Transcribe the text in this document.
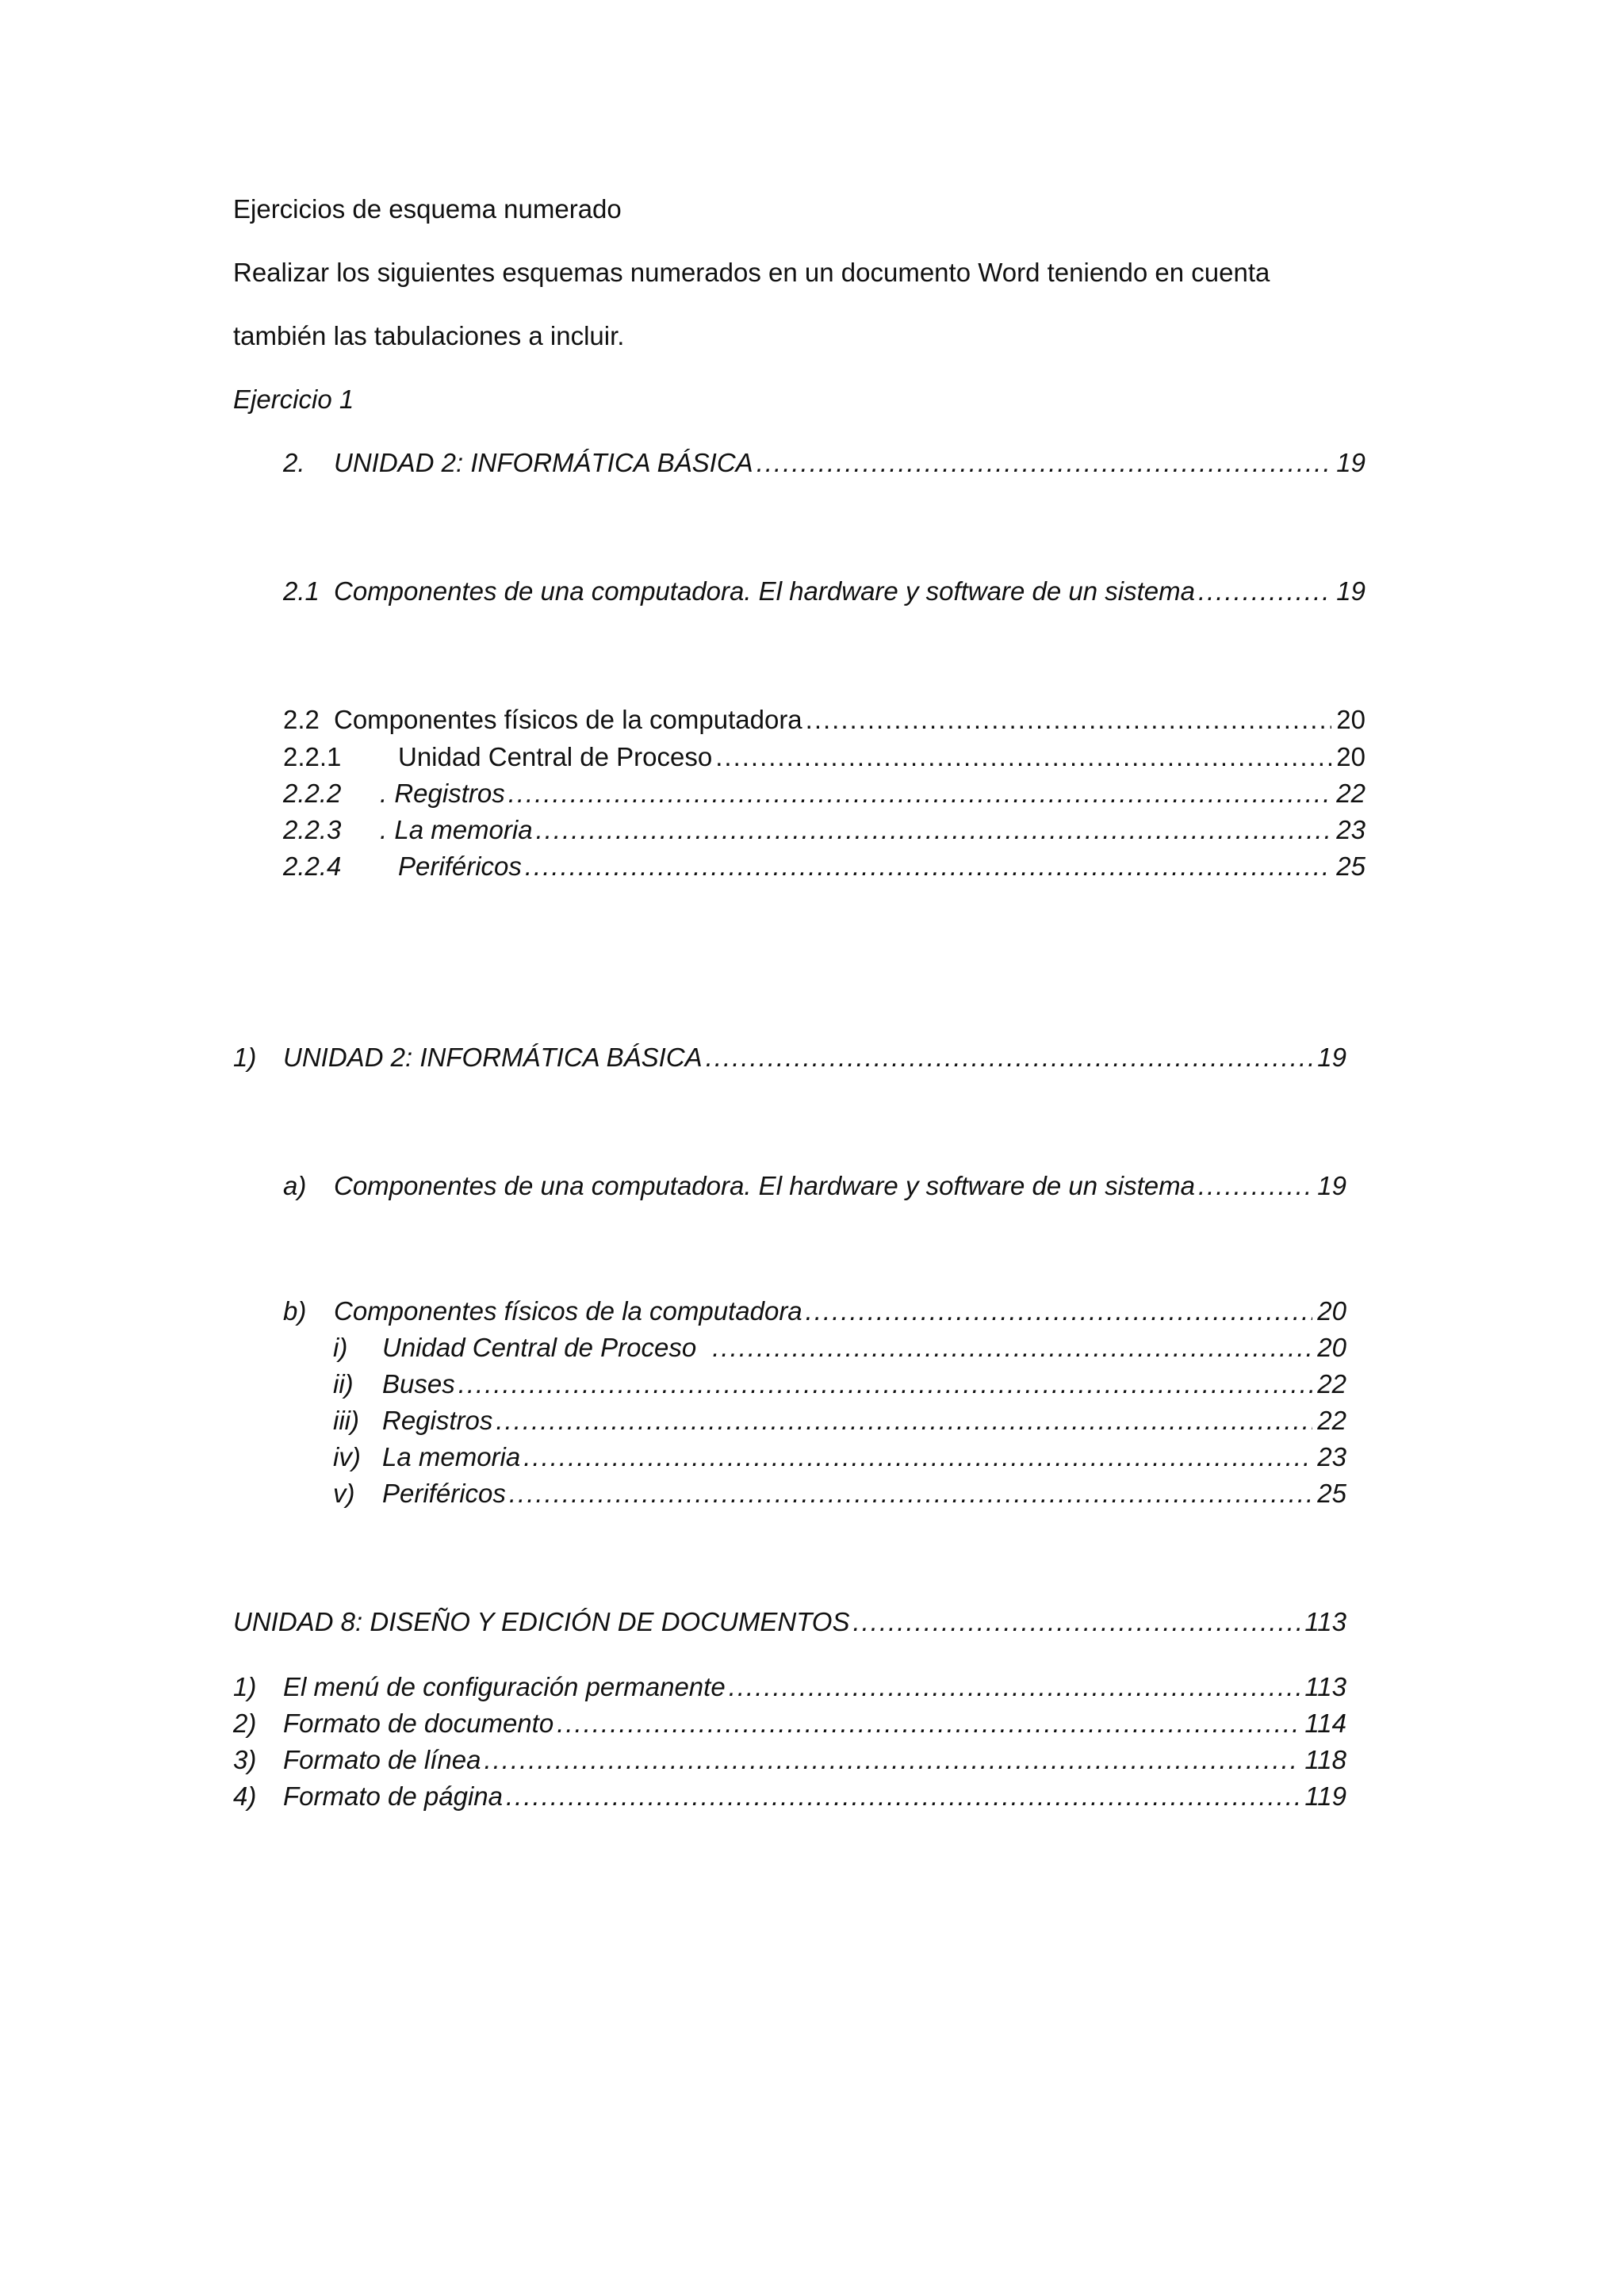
Ejercicios de esquema numerado
Realizar los siguientes esquemas numerados en un documento Word teniendo en cuenta
también las tabulaciones a incluir.
Ejercicio 1
2.	UNIDAD 2: INFORMÁTICA BÁSICA .....	19
2.1 Componentes de una computadora. El hardware y software de un sistema .....	19
2.2 Componentes físicos de la computadora .....	20
2.2.1	Unidad Central de Proceso .....	20
2.2.2	. Registros .....	22
2.2.3	. La memoria .....	23
2.2.4	Periféricos .....	25
1)	UNIDAD 2: INFORMÁTICA BÁSICA .....	19
a)	Componentes de una computadora. El hardware y software de un sistema .....	19
b)	Componentes físicos de la computadora .....	20
i)	Unidad Central de Proceso .....	20
ii)	Buses .....	22
iii) Registros .....	22
iv) La memoria .....	23
v)	Periféricos .....	25
UNIDAD 8: DISEÑO Y EDICIÓN DE DOCUMENTOS .....	113
1)	El menú de configuración permanente .....	113
2)	Formato de documento .....	114
3)	Formato de línea .....	118
4)	Formato de página .....	119
